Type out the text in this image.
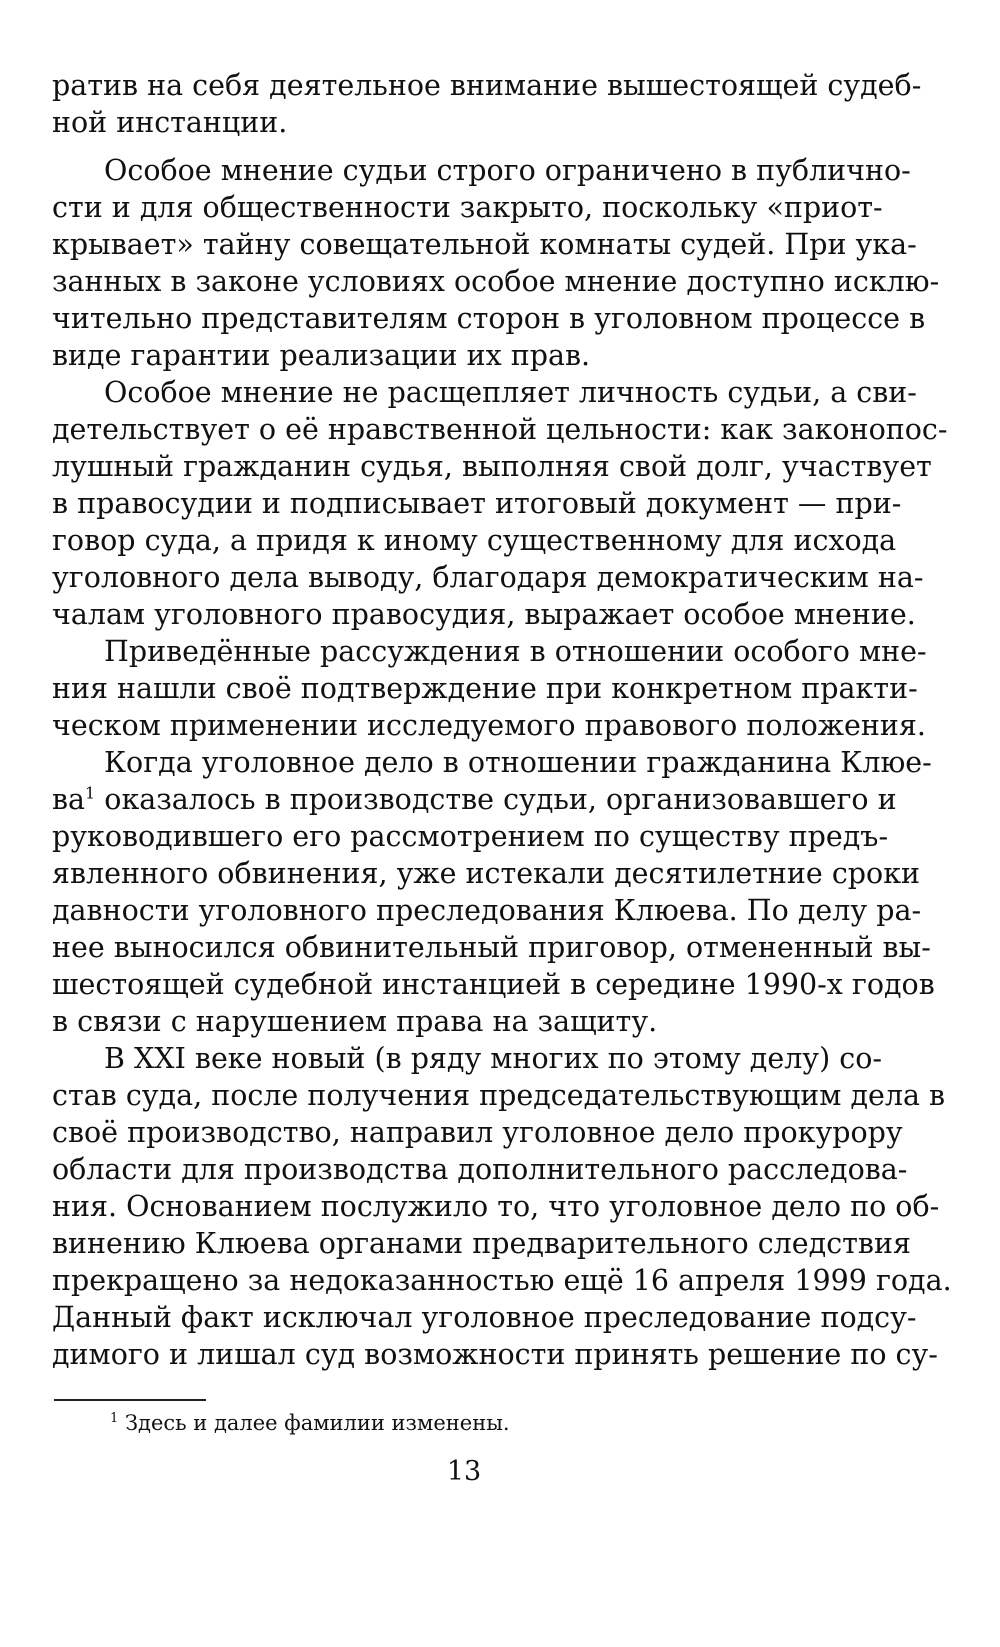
ратив на себя деятельное внимание вышестоящей судеб-
ной инстанции.
Особое мнение судьи строго ограничено в публично-
сти и для общественности закрыто, поскольку «приот-
крывает» тайну совещательной комнаты судей. При ука-
занных в законе условиях особое мнение доступно исклю-
чительно представителям сторон в уголовном процессе в
виде гарантии реализации их прав.
Особое мнение не расщепляет личность судьи, а сви-
детельствует о её нравственной цельности: как законопос-
лушный гражданин судья, выполняя свой долг, участвует
в правосудии и подписывает итоговый документ — при-
говор суда, а придя к иному существенному для исхода
уголовного дела выводу, благодаря демократическим на-
чалам уголовного правосудия, выражает особое мнение.
Приведённые рассуждения в отношении особого мне-
ния нашли своё подтверждение при конкретном практи-
ческом применении исследуемого правового положения.
Когда уголовное дело в отношении гражданина Клюе-
$ва^1$ оказалось в производстве судьи, организовавшего и
руководившего его рассмотрением по существу предъ-
явленного обвинения, уже истекали десятилетние сроки
давности уголовного преследования Клюева. По делу ра-
нее выносился обвинительный приговор, отмененный вы-
шестоящей судебной инстанцией в середине 1990-х годов
в связи с нарушением права на защиту.
В XXI веке новый (в ряду многих по этому делу) со-
став суда, после получения председательствующим дела в
своё производство, направил уголовное дело прокурору
области для производства дополнительного расследова-
ния. Основанием послужило то, что уголовное дело по об-
винению Клюева органами предварительного следствия
прекращено за недоказанностью ещё 16 апреля 1999 года.
Данный факт исключал уголовное преследование подсу-
димого и лишал суд возможности принять решение по су-
$^1$ Здесь и далее фамилии изменены.
13
